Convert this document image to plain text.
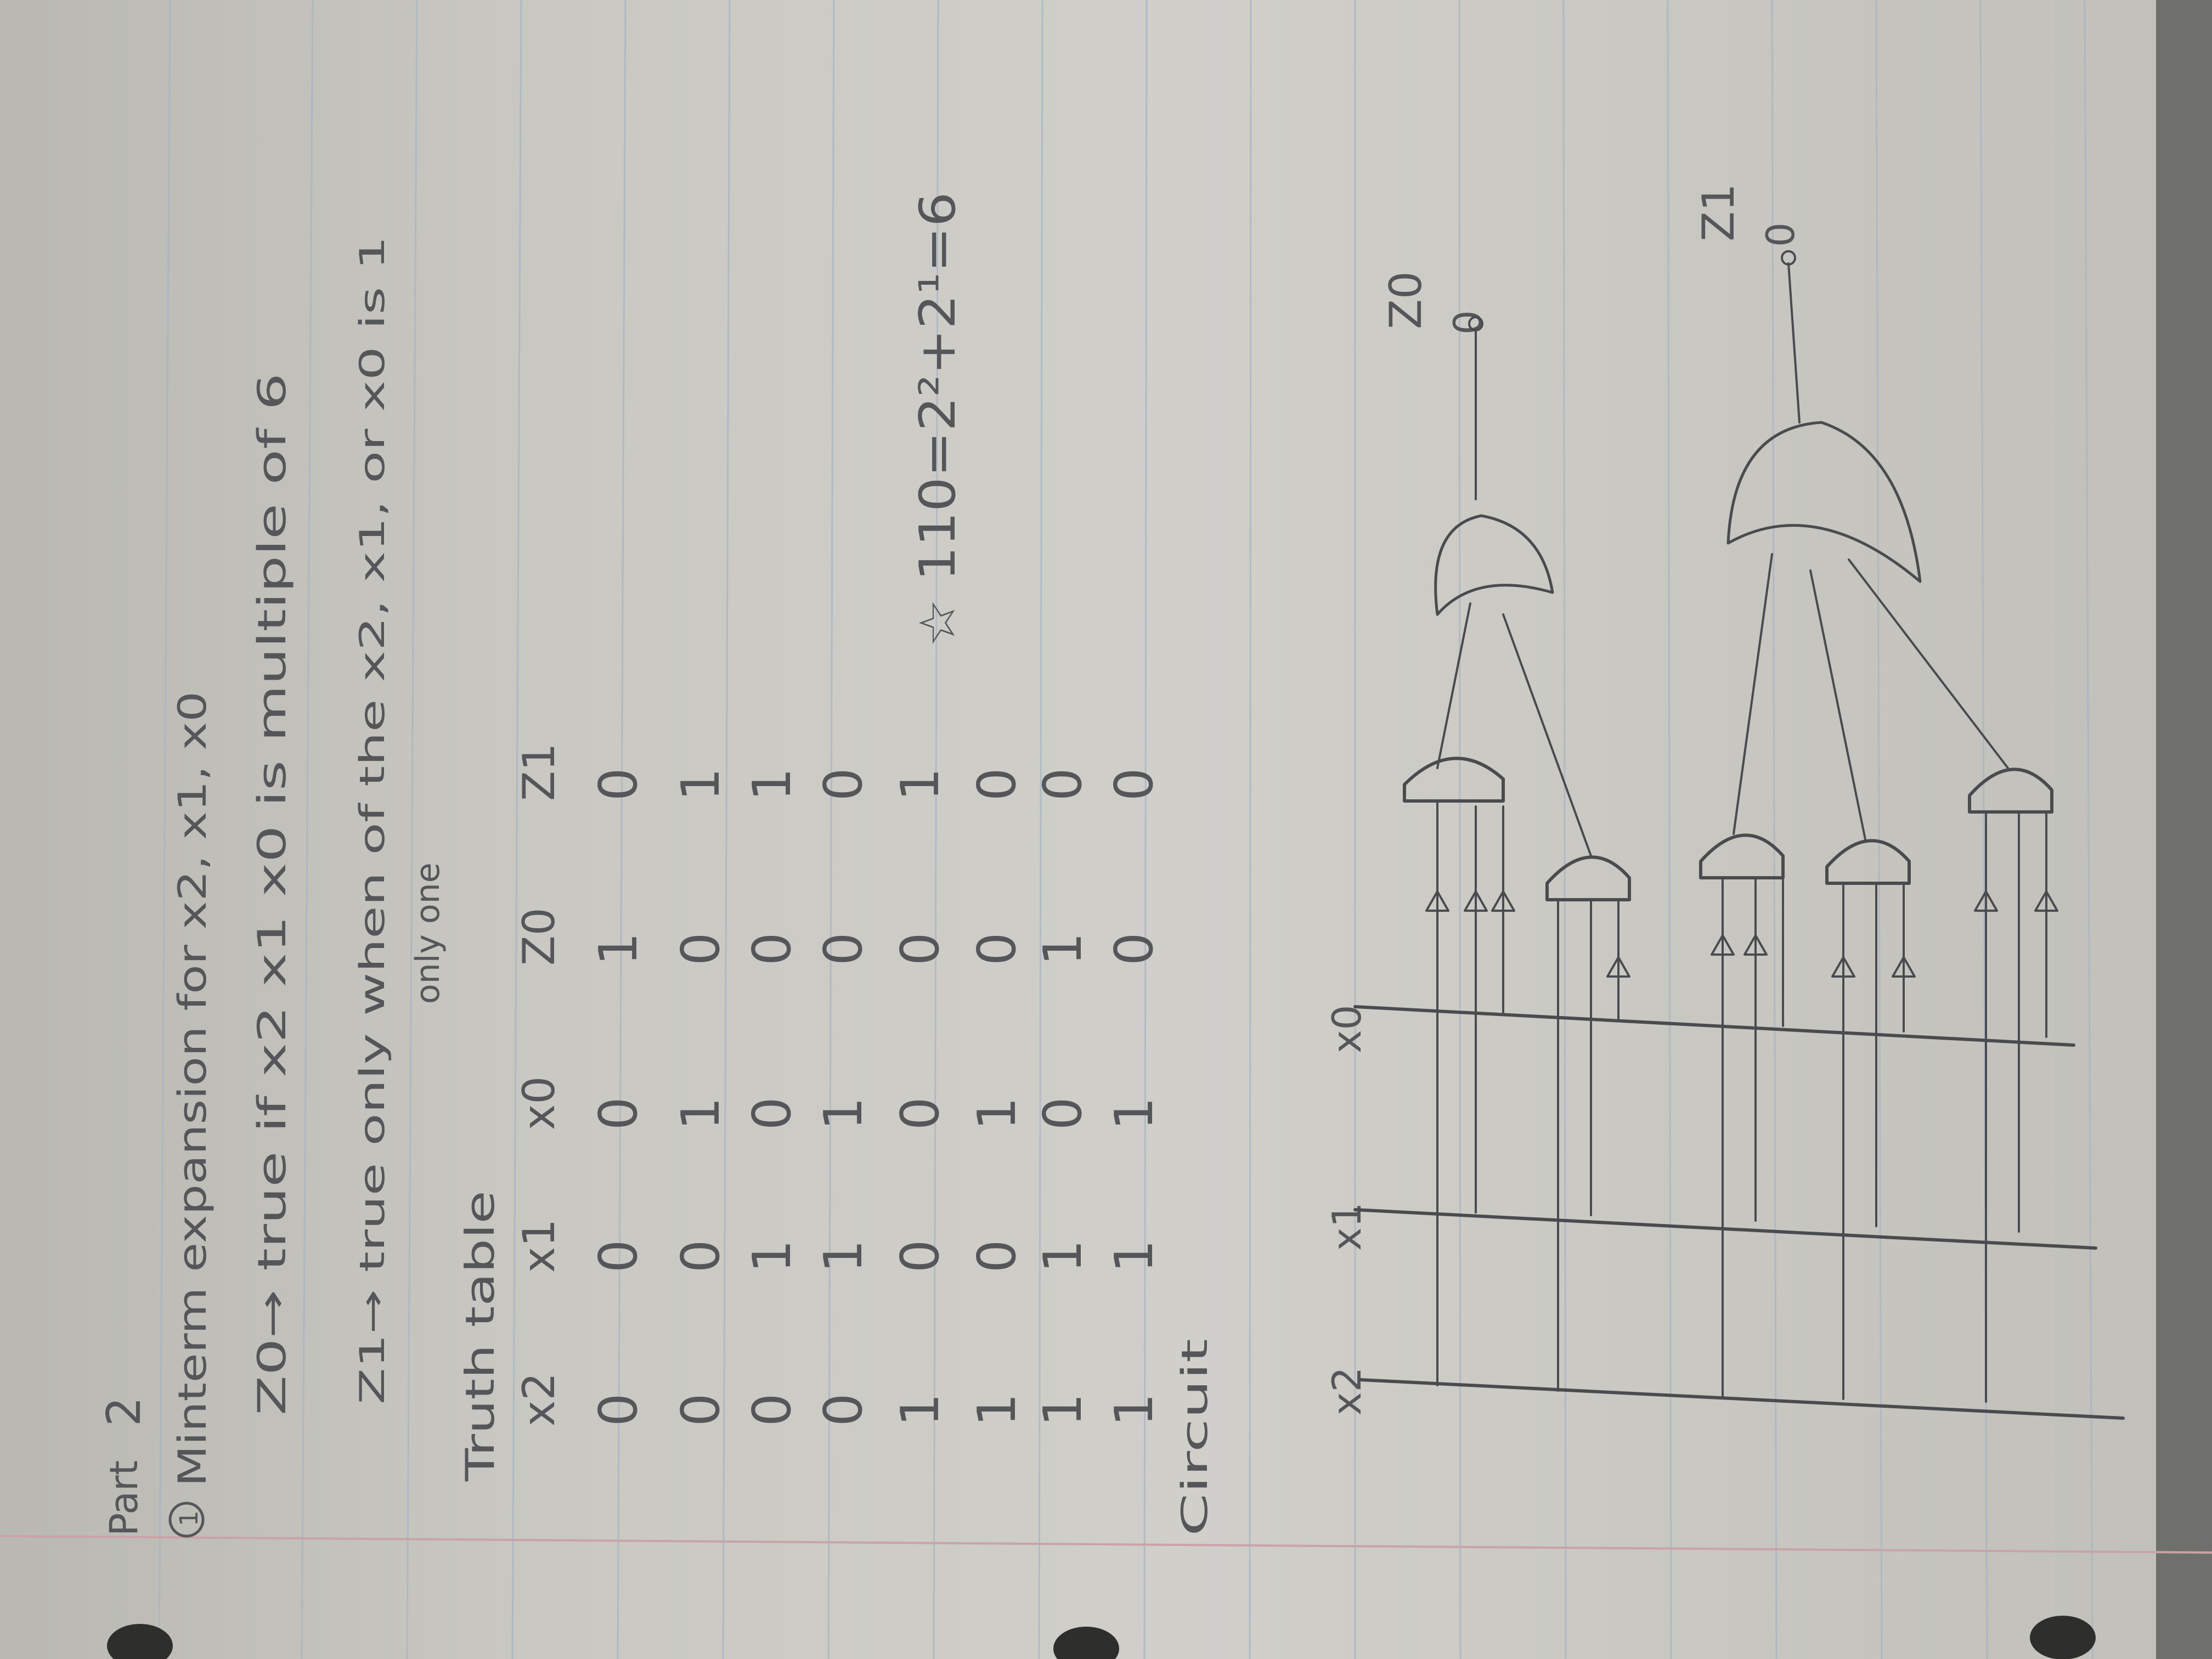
Part
2
1
Minterm expansion for x2, x1, x0 Z0→ true if x2 x1 x0 is multiple of 6 Z1→ true only when of the x2, x1, or x0 is 1 only one
Truth table x2
x1
x0
Z0
Z1
0
0
0
1
0
0
0
1
0
1
0
1
0
0
1
0
1
1
0
0
1
0
0
0
1
1
0
1
0
0
1
1
0
1
0
1
1
1
0
0
☆ 110=2²+2¹=6
Circuit
x2
x1
x0
Z0 0
Z1 0
